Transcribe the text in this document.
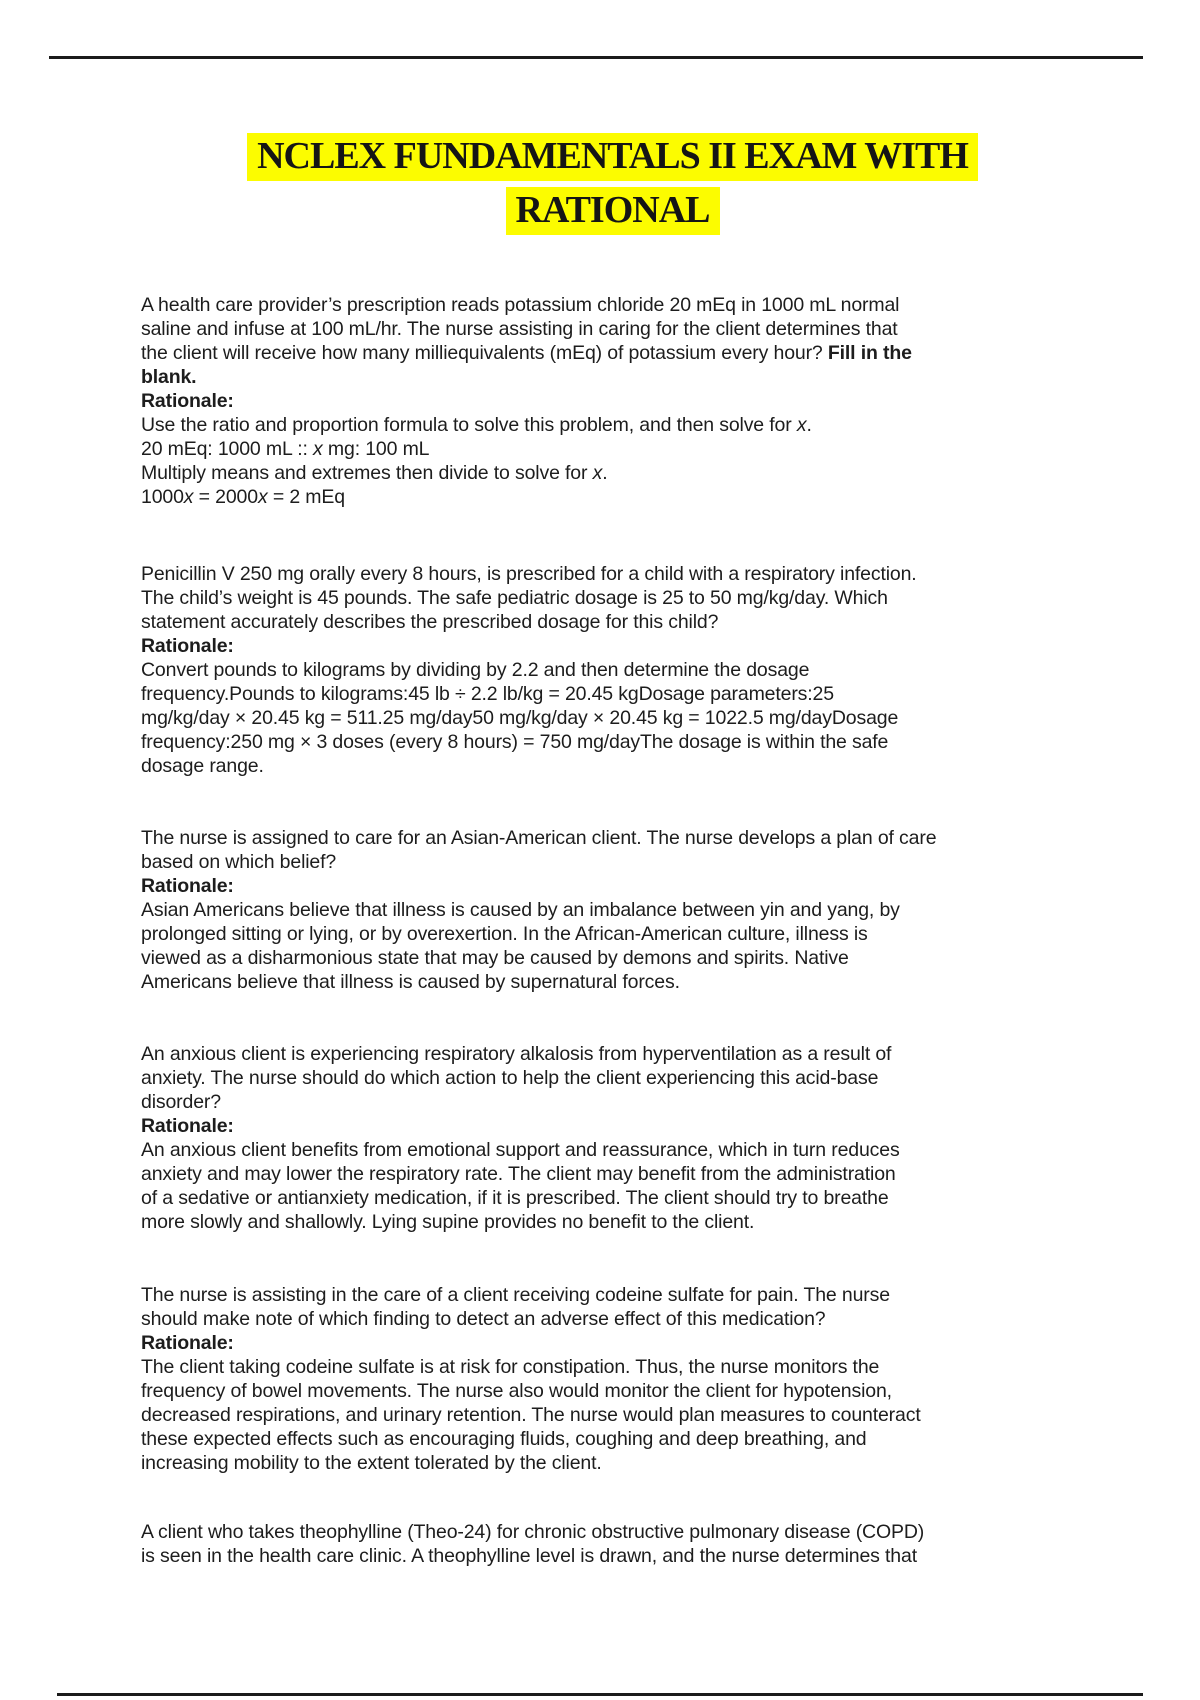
NCLEX FUNDAMENTALS II EXAM WITH
RATIONAL
A health care provider’s prescription reads potassium chloride 20 mEq in 1000 mL normal
saline and infuse at 100 mL/hr. The nurse assisting in caring for the client determines that
the client will receive how many milliequivalents (mEq) of potassium every hour? Fill in the
blank.
Rationale:
Use the ratio and proportion formula to solve this problem, and then solve for x.
20 mEq: 1000 mL :: x mg: 100 mL
Multiply means and extremes then divide to solve for x.
1000x = 2000x = 2 mEq
Penicillin V 250 mg orally every 8 hours, is prescribed for a child with a respiratory infection.
The child’s weight is 45 pounds. The safe pediatric dosage is 25 to 50 mg/kg/day. Which
statement accurately describes the prescribed dosage for this child?
Rationale:
Convert pounds to kilograms by dividing by 2.2 and then determine the dosage
frequency.Pounds to kilograms:45 lb ÷ 2.2 lb/kg = 20.45 kgDosage parameters:25
mg/kg/day × 20.45 kg = 511.25 mg/day50 mg/kg/day × 20.45 kg = 1022.5 mg/dayDosage
frequency:250 mg × 3 doses (every 8 hours) = 750 mg/dayThe dosage is within the safe
dosage range.
The nurse is assigned to care for an Asian-American client. The nurse develops a plan of care
based on which belief?
Rationale:
Asian Americans believe that illness is caused by an imbalance between yin and yang, by
prolonged sitting or lying, or by overexertion. In the African-American culture, illness is
viewed as a disharmonious state that may be caused by demons and spirits. Native
Americans believe that illness is caused by supernatural forces.
An anxious client is experiencing respiratory alkalosis from hyperventilation as a result of
anxiety. The nurse should do which action to help the client experiencing this acid-base
disorder?
Rationale:
An anxious client benefits from emotional support and reassurance, which in turn reduces
anxiety and may lower the respiratory rate. The client may benefit from the administration
of a sedative or antianxiety medication, if it is prescribed. The client should try to breathe
more slowly and shallowly. Lying supine provides no benefit to the client.
The nurse is assisting in the care of a client receiving codeine sulfate for pain. The nurse
should make note of which finding to detect an adverse effect of this medication?
Rationale:
The client taking codeine sulfate is at risk for constipation. Thus, the nurse monitors the
frequency of bowel movements. The nurse also would monitor the client for hypotension,
decreased respirations, and urinary retention. The nurse would plan measures to counteract
these expected effects such as encouraging fluids, coughing and deep breathing, and
increasing mobility to the extent tolerated by the client.
A client who takes theophylline (Theo-24) for chronic obstructive pulmonary disease (COPD)
is seen in the health care clinic. A theophylline level is drawn, and the nurse determines that
